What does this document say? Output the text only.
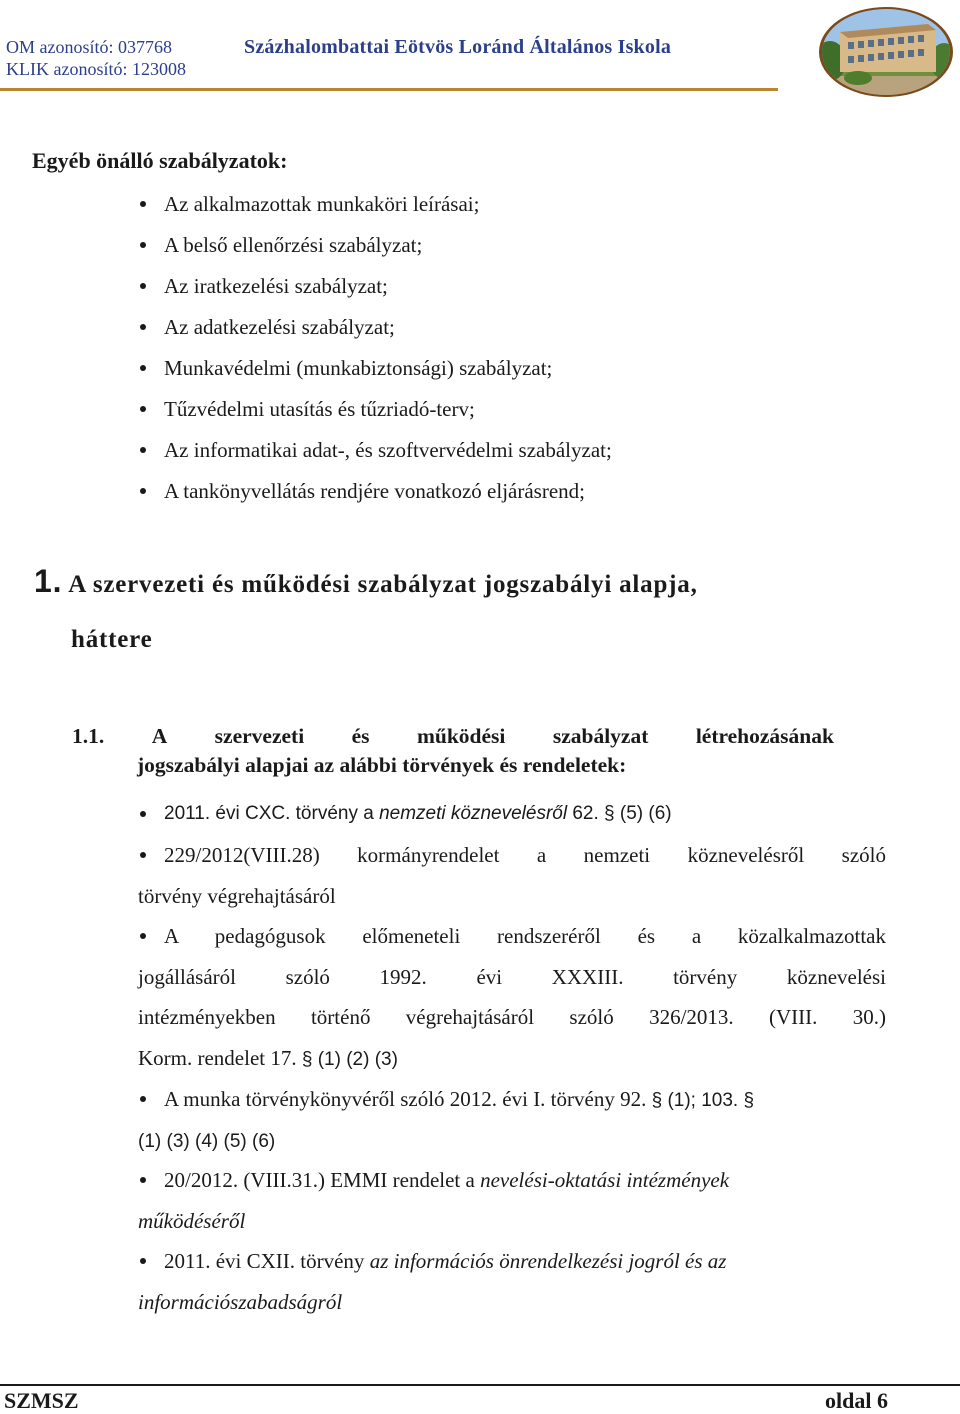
OM azonosító: 037768
KLIK azonosító: 123008
Százhalombattai Eötvös Loránd Általános Iskola
Egyéb önálló szabályzatok:
Az alkalmazottak munkaköri leírásai;
A belső ellenőrzési szabályzat;
Az iratkezelési szabályzat;
Az adatkezelési szabályzat;
Munkavédelmi (munkabiztonsági) szabályzat;
Tűzvédelmi utasítás és tűzriadó-terv;
Az informatikai adat-, és szoftvervédelmi szabályzat;
A tankönyvellátás rendjére vonatkozó eljárásrend;
1. A szervezeti és működési szabályzat jogszabályi alapja,
háttere
1.1. A szervezeti és működési szabályzat létrehozásának
jogszabályi alapjai az alábbi törvények és rendeletek:
2011. évi CXC. törvény a nemzeti köznevelésről 62. § (5) (6)
229/2012(VIII.28) kormányrendelet a nemzeti köznevelésről szóló
törvény végrehajtásáról
A pedagógusok előmeneteli rendszeréről és a közalkalmazottak
jogállásáról szóló 1992. évi XXXIII. törvény köznevelési
intézményekben történő végrehajtásáról szóló 326/2013. (VIII. 30.)
Korm. rendelet 17. § (1) (2) (3)
A munka törvénykönyvéről szóló 2012. évi I. törvény 92. § (1); 103. §
(1) (3) (4) (5) (6)
20/2012. (VIII.31.) EMMI rendelet a nevelési-oktatási intézmények
működéséről
2011. évi CXII. törvény az információs önrendelkezési jogról és az
információszabadságról
SZMSZ	oldal 6
